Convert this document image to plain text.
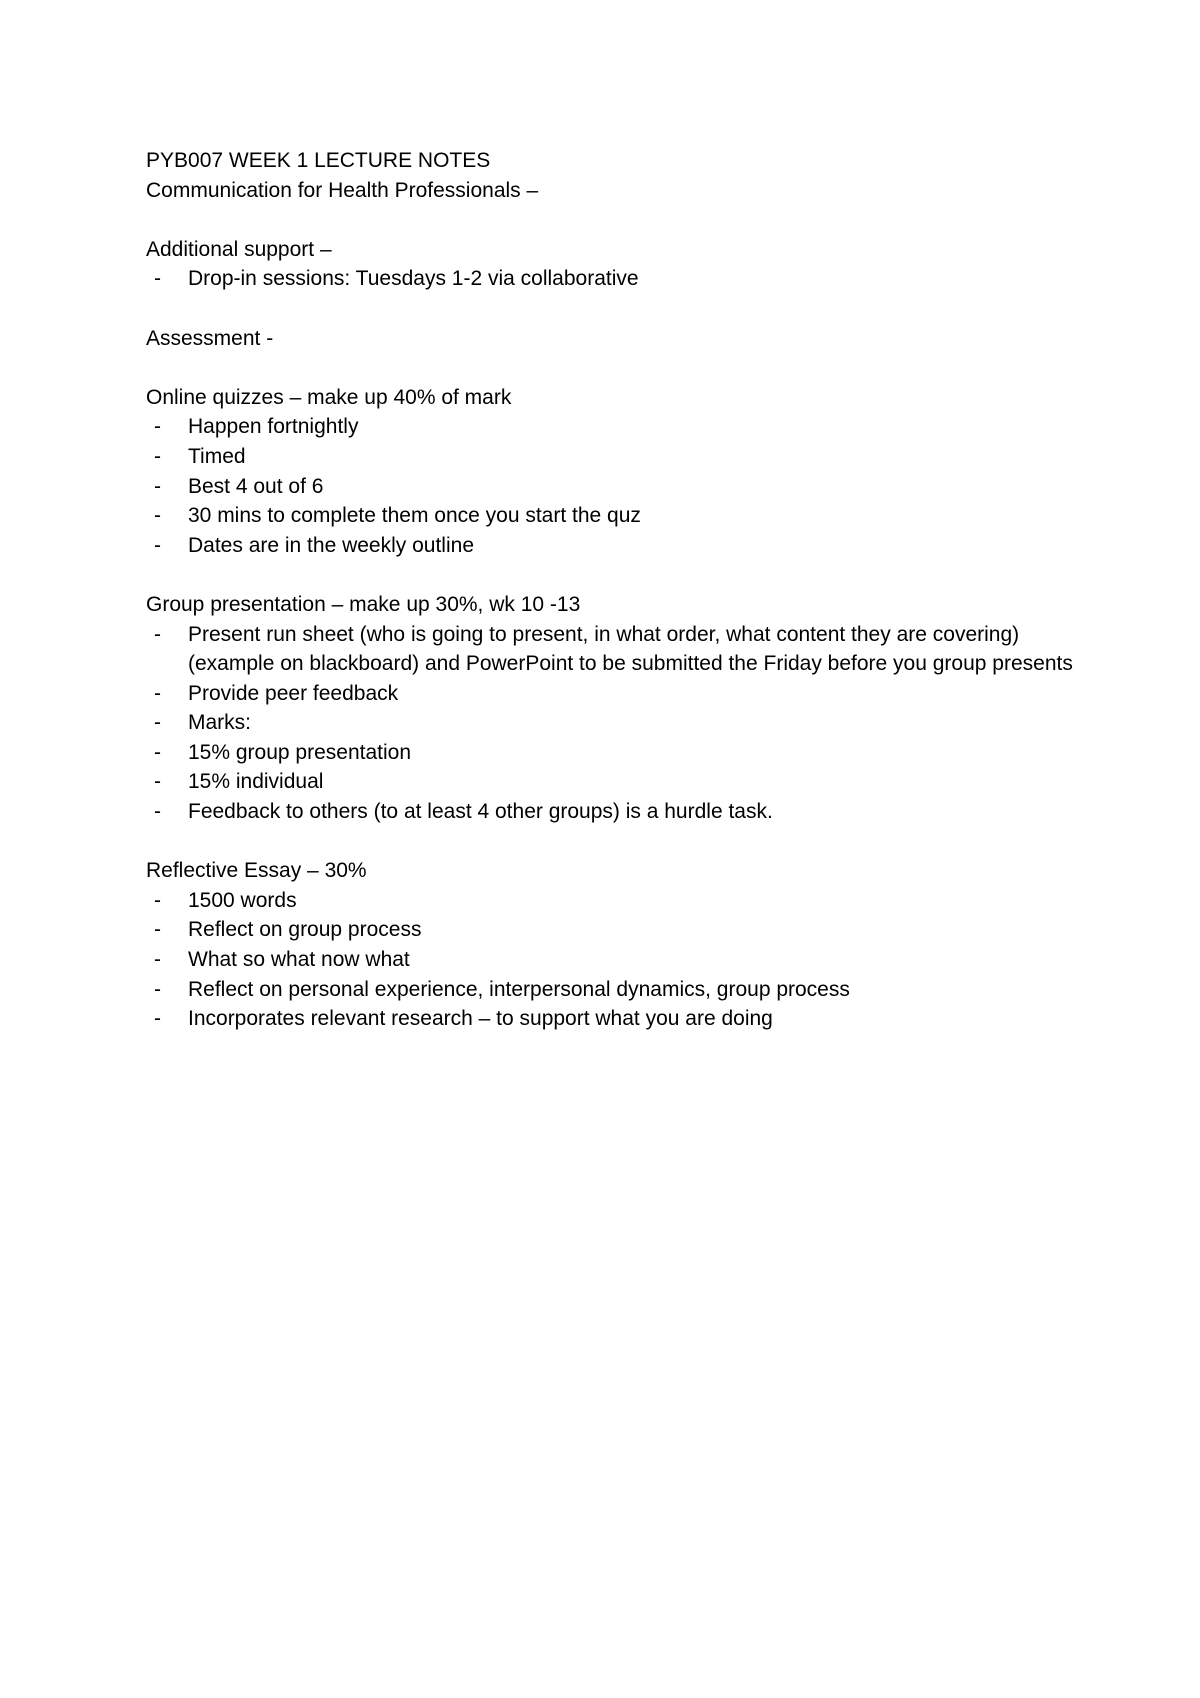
PYB007 WEEK 1 LECTURE NOTES

Communication for Health Professionals –

Additional support –

- Drop-in sessions: Tuesdays 1-2 via collaborative

Assessment -

Online quizzes – make up 40% of mark

- Happen fortnightly
- Timed
- Best 4 out of 6
- 30 mins to complete them once you start the quz
- Dates are in the weekly outline

Group presentation – make up 30%, wk 10 -13

- Present run sheet (who is going to present, in what order, what content they are covering) (example on blackboard) and PowerPoint to be submitted the Friday before you group presents
- Provide peer feedback
- Marks:
- 15% group presentation
- 15% individual
- Feedback to others (to at least 4 other groups) is a hurdle task.

Reflective Essay – 30%

- 1500 words
- Reflect on group process
- What so what now what
- Reflect on personal experience, interpersonal dynamics, group process
- Incorporates relevant research – to support what you are doing
